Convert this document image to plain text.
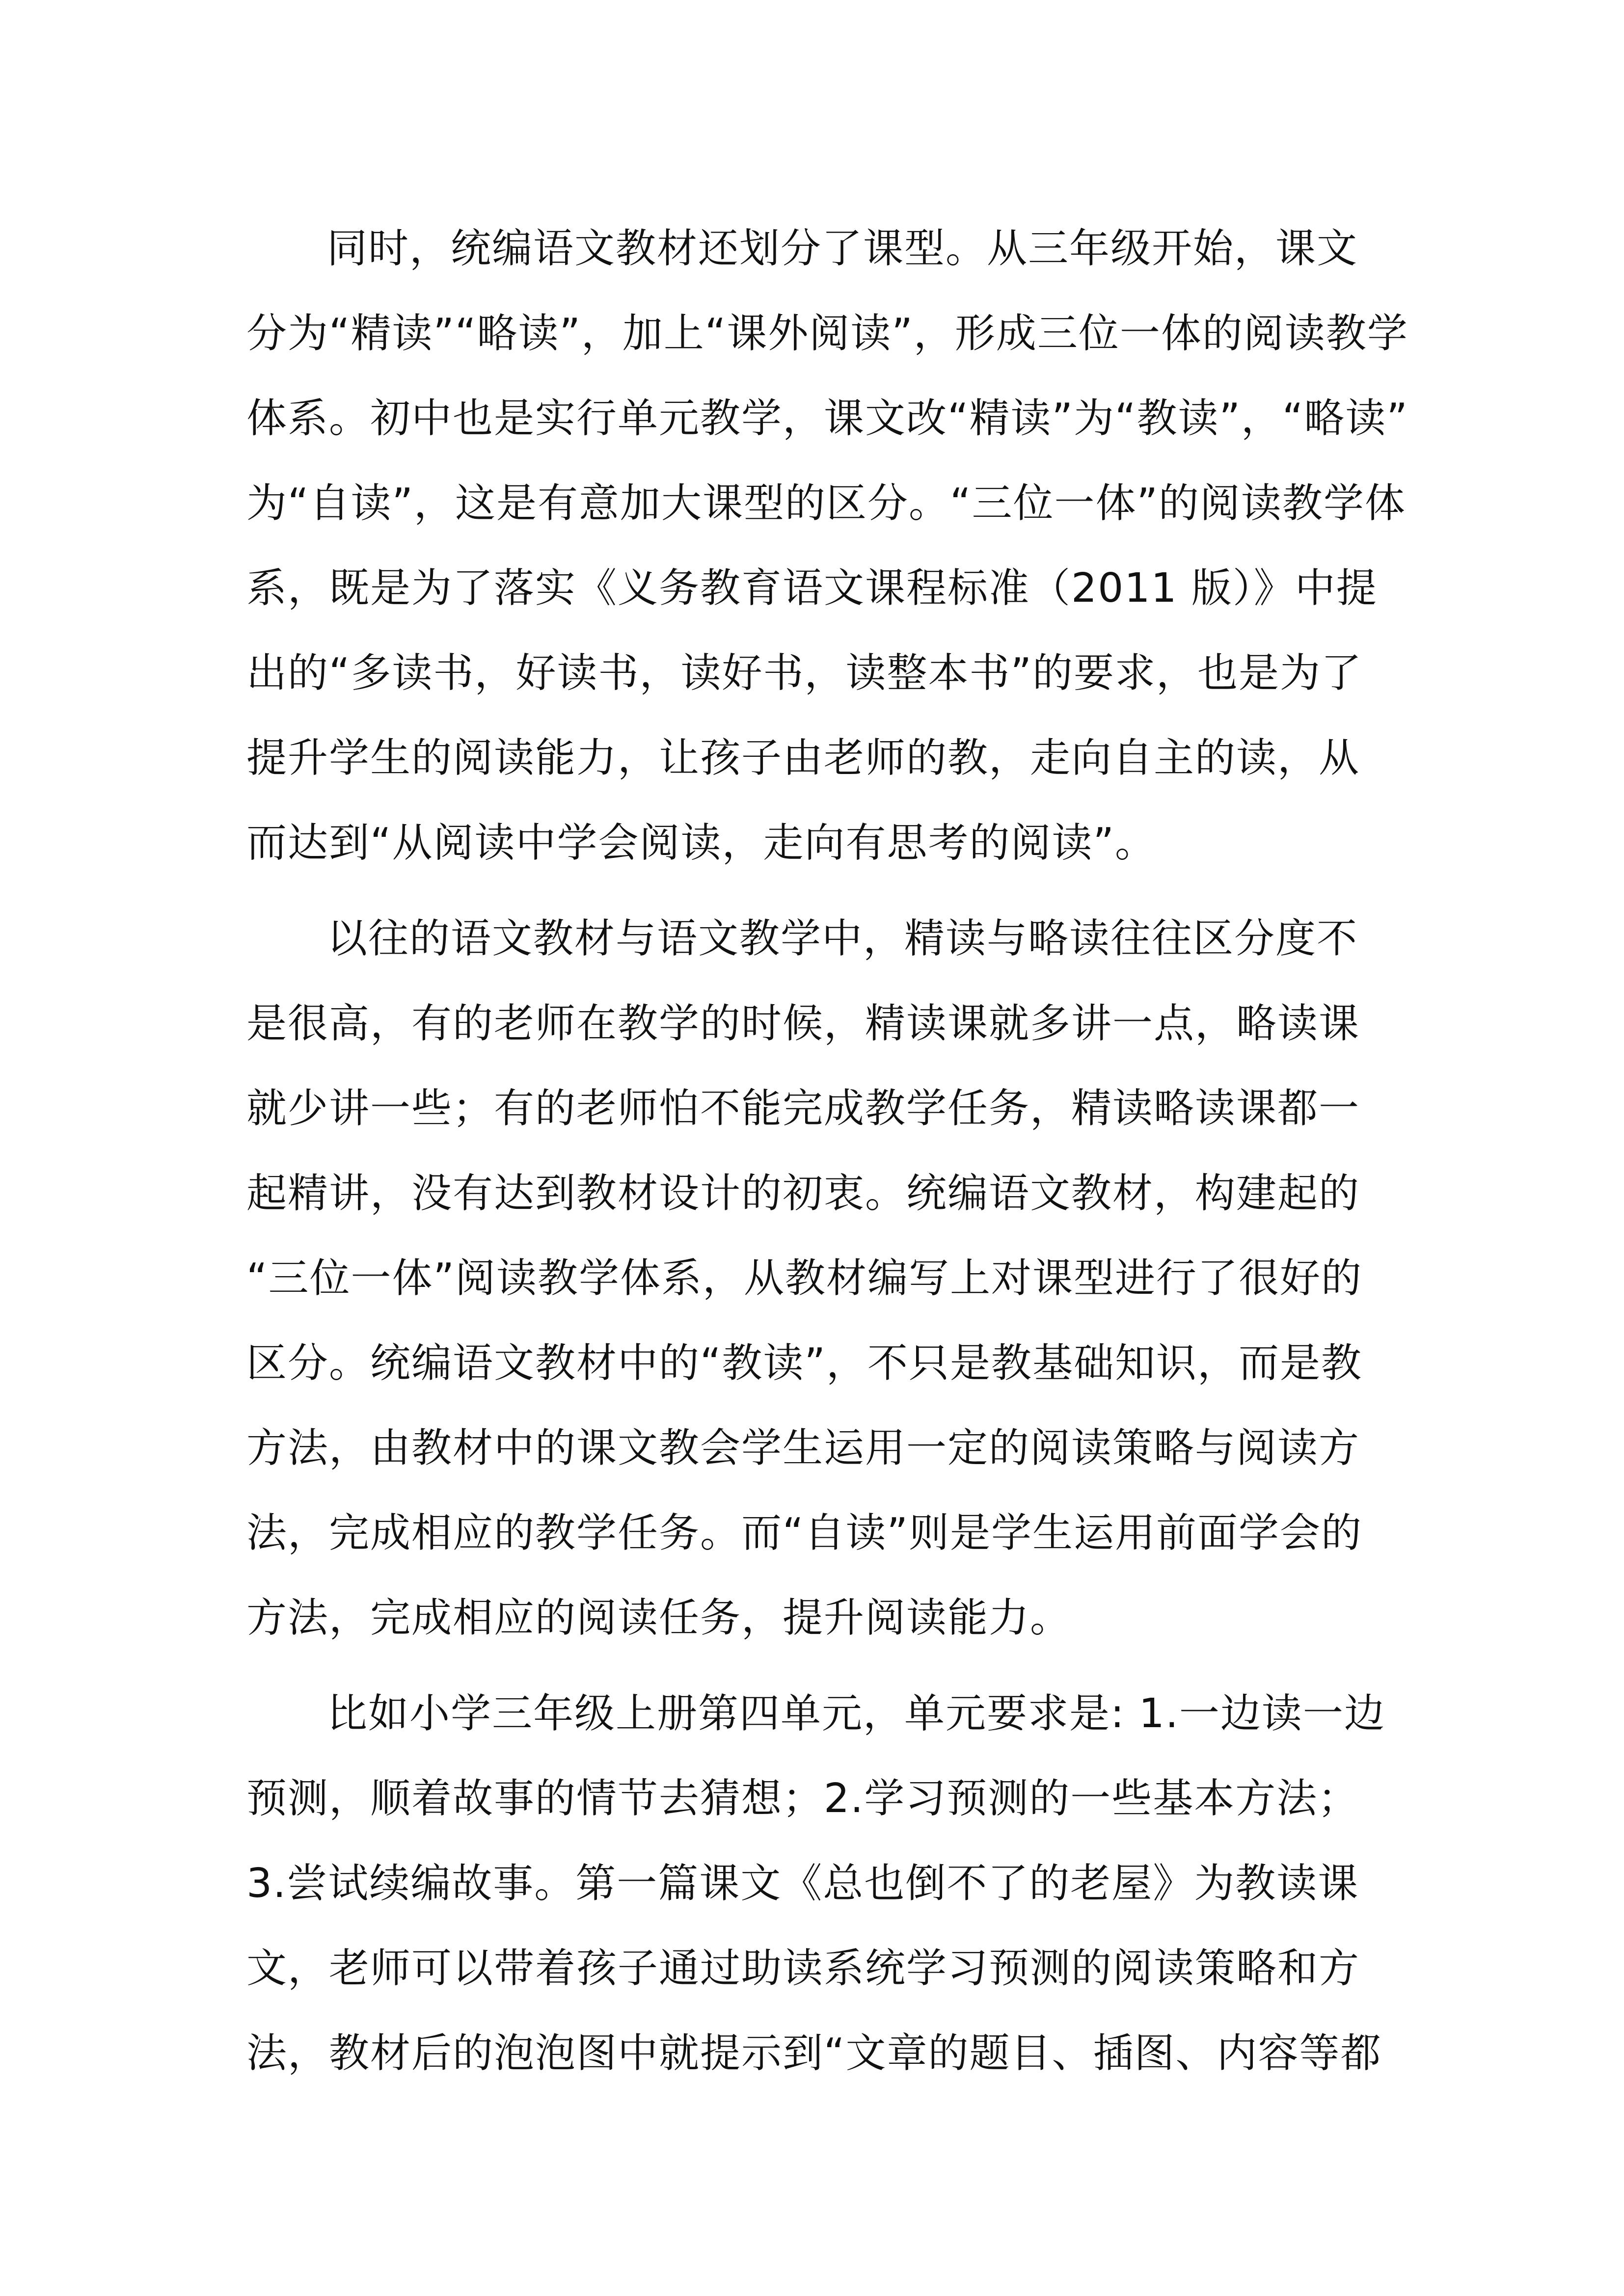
同时，统编语文教材还划分了课型。从三年级开始，课文
分为“精读”“略读”，加上“课外阅读”，形成三位一体的阅读教学
体系。初中也是实行单元教学，课文改“精读”为“教读”，“略读”
为“自读”，这是有意加大课型的区分。“三位一体”的阅读教学体
系，既是为了落实《义务教育语文课程标准（2011 版）》中提
出的“多读书，好读书，读好书，读整本书”的要求，也是为了
提升学生的阅读能力，让孩子由老师的教，走向自主的读，从
而达到“从阅读中学会阅读，走向有思考的阅读”。

以往的语文教材与语文教学中，精读与略读往往区分度不
是很高，有的老师在教学的时候，精读课就多讲一点，略读课
就少讲一些；有的老师怕不能完成教学任务，精读略读课都一
起精讲，没有达到教材设计的初衷。统编语文教材，构建起的
“三位一体”阅读教学体系，从教材编写上对课型进行了很好的
区分。统编语文教材中的“教读”，不只是教基础知识，而是教
方法，由教材中的课文教会学生运用一定的阅读策略与阅读方
法，完成相应的教学任务。而“自读”则是学生运用前面学会的
方法，完成相应的阅读任务，提升阅读能力。

比如小学三年级上册第四单元，单元要求是: 1.一边读一边
预测，顺着故事的情节去猜想；2.学习预测的一些基本方法；
3.尝试续编故事。第一篇课文《总也倒不了的老屋》为教读课
文，老师可以带着孩子通过助读系统学习预测的阅读策略和方
法，教材后的泡泡图中就提示到“文章的题目、插图、内容等都
